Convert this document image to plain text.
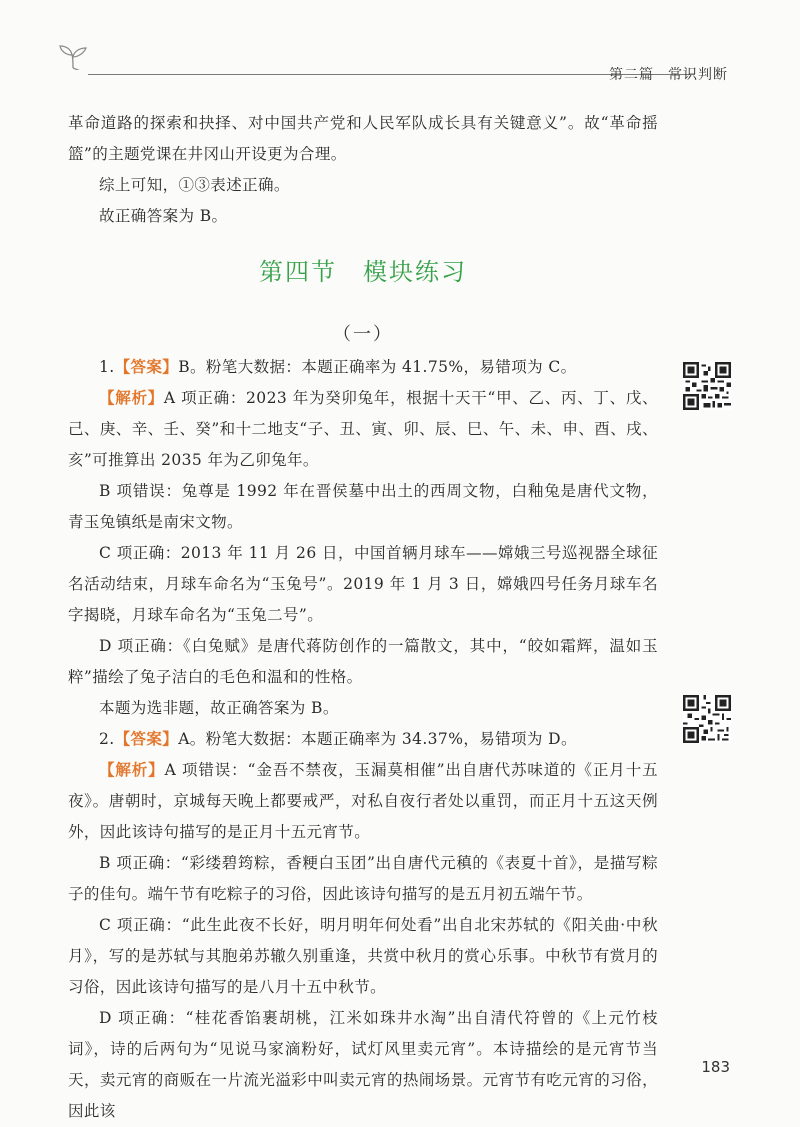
第二篇 常识判断

革命道路的探索和抉择、对中国共产党和人民军队成长具有关键意义”。故“革命摇篮”的主题党课在井冈山开设更为合理。

综上可知，①③表述正确。

故正确答案为 B。

第四节 模块练习
（一）

1.【答案】B。粉笔大数据：本题正确率为 41.75%，易错项为 C。

【解析】A 项正确：2023 年为癸卯兔年，根据十天干“甲、乙、丙、丁、戊、己、庚、辛、壬、癸”和十二地支“子、丑、寅、卯、辰、巳、午、未、申、酉、戌、亥”可推算出 2035 年为乙卯兔年。

B 项错误：兔尊是 1992 年在晋侯墓中出土的西周文物，白釉兔是唐代文物，青玉兔镇纸是南宋文物。

C 项正确：2013 年 11 月 26 日，中国首辆月球车——嫦娥三号巡视器全球征名活动结束，月球车命名为“玉兔号”。2019 年 1 月 3 日，嫦娥四号任务月球车名字揭晓，月球车命名为“玉兔二号”。

D 项正确：《白兔赋》是唐代蒋防创作的一篇散文，其中，“皎如霜辉，温如玉粹”描绘了兔子洁白的毛色和温和的性格。

本题为选非题，故正确答案为 B。

2.【答案】A。粉笔大数据：本题正确率为 34.37%，易错项为 D。

【解析】A 项错误：“金吾不禁夜，玉漏莫相催”出自唐代苏味道的《正月十五夜》。唐朝时，京城每天晚上都要戒严，对私自夜行者处以重罚，而正月十五这天例外，因此该诗句描写的是正月十五元宵节。

B 项正确：“彩缕碧筠粽，香粳白玉团”出自唐代元稹的《表夏十首》，是描写粽子的佳句。端午节有吃粽子的习俗，因此该诗句描写的是五月初五端午节。

C 项正确：“此生此夜不长好，明月明年何处看”出自北宋苏轼的《阳关曲·中秋月》，写的是苏轼与其胞弟苏辙久别重逢，共赏中秋月的赏心乐事。中秋节有赏月的习俗，因此该诗句描写的是八月十五中秋节。

D 项正确：“桂花香馅裹胡桃，江米如珠井水淘”出自清代符曾的《上元竹枝词》，诗的后两句为“见说马家滴粉好，试灯风里卖元宵”。本诗描绘的是元宵节当天，卖元宵的商贩在一片流光溢彩中叫卖元宵的热闹场景。元宵节有吃元宵的习俗，因此该

183
